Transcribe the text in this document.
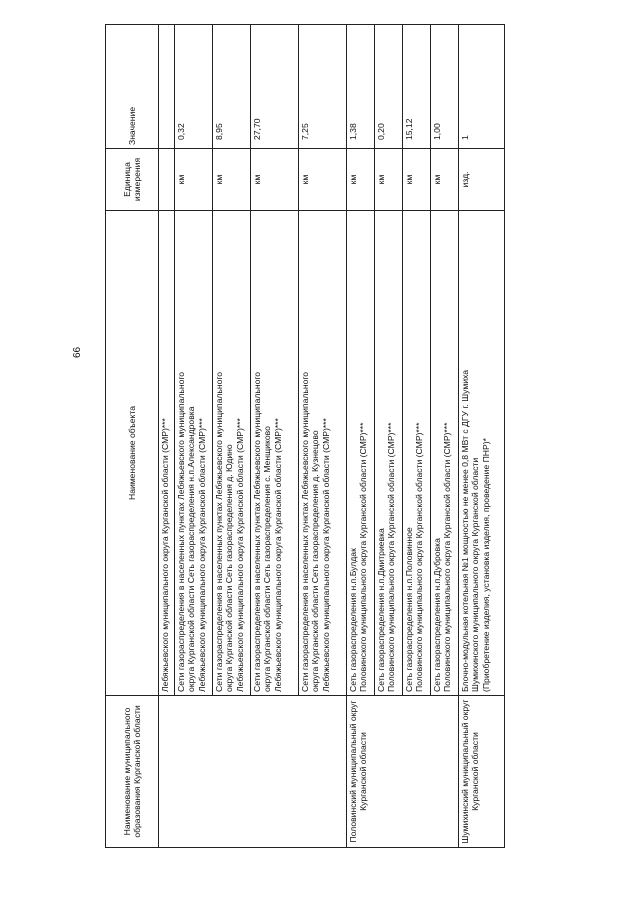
66
Наименование муниципального образования Курганской области	Наименование объекта	Единица измерения	Значение

	Лебяжьевского муниципального округа Курганской области (СМР)***		

	Сети газораспределения в населенных пунктах Лебяжьевского муниципального округа Курганской области Сеть газораспределения н.п.Александровка Лебяжьевского муниципального округа Курганской области (СМР)***	км	0,32

	Сети газораспределения в населенных пунктах Лебяжьевского муниципального округа Курганской области Сеть газораспределения д. Юдино Лебяжьевского муниципального округа Курганской области (СМР)***	км	8,95

	Сети газораспределения в населенных пунктах Лебяжьевского муниципального округа Курганской области Сеть газораспределения с. Менщиково Лебяжьевского муниципального округа Курганской области (СМР)***	км	27,70

	Сети газораспределения в населенных пунктах Лебяжьевского муниципального округа Курганской области Сеть газораспределения д. Кузнецово Лебяжьевского муниципального округа Курганской области (СМР)***	км	7,25
Половинский муниципальный округ Курганской области	Сеть газораспределения н.п.Булдак Половинского муниципального округа Курганской области (СМР)***	км	1,38

	Сеть газораспределения н.п.Дмитриевка Половинского муниципального округа Курганской области (СМР)***	км	0,20

	Сеть газораспределения н.п.Половинное Половинского муниципального округа Курганской области (СМР)***	км	15,12

	Сеть газораспределения н.п.Дубровка Половинского муниципального округа Курганской области (СМР)***	км	1,00
Шумихинский муниципальный округ Курганской области	Блочно-модульная котельная №1 мощностью не менее 0,8 МВт с ДГУ г. Шумиха Шумихинского муниципального округа Курганской области (Приобретение изделия, установка изделия, проведение ПНР)*	изд.	1
